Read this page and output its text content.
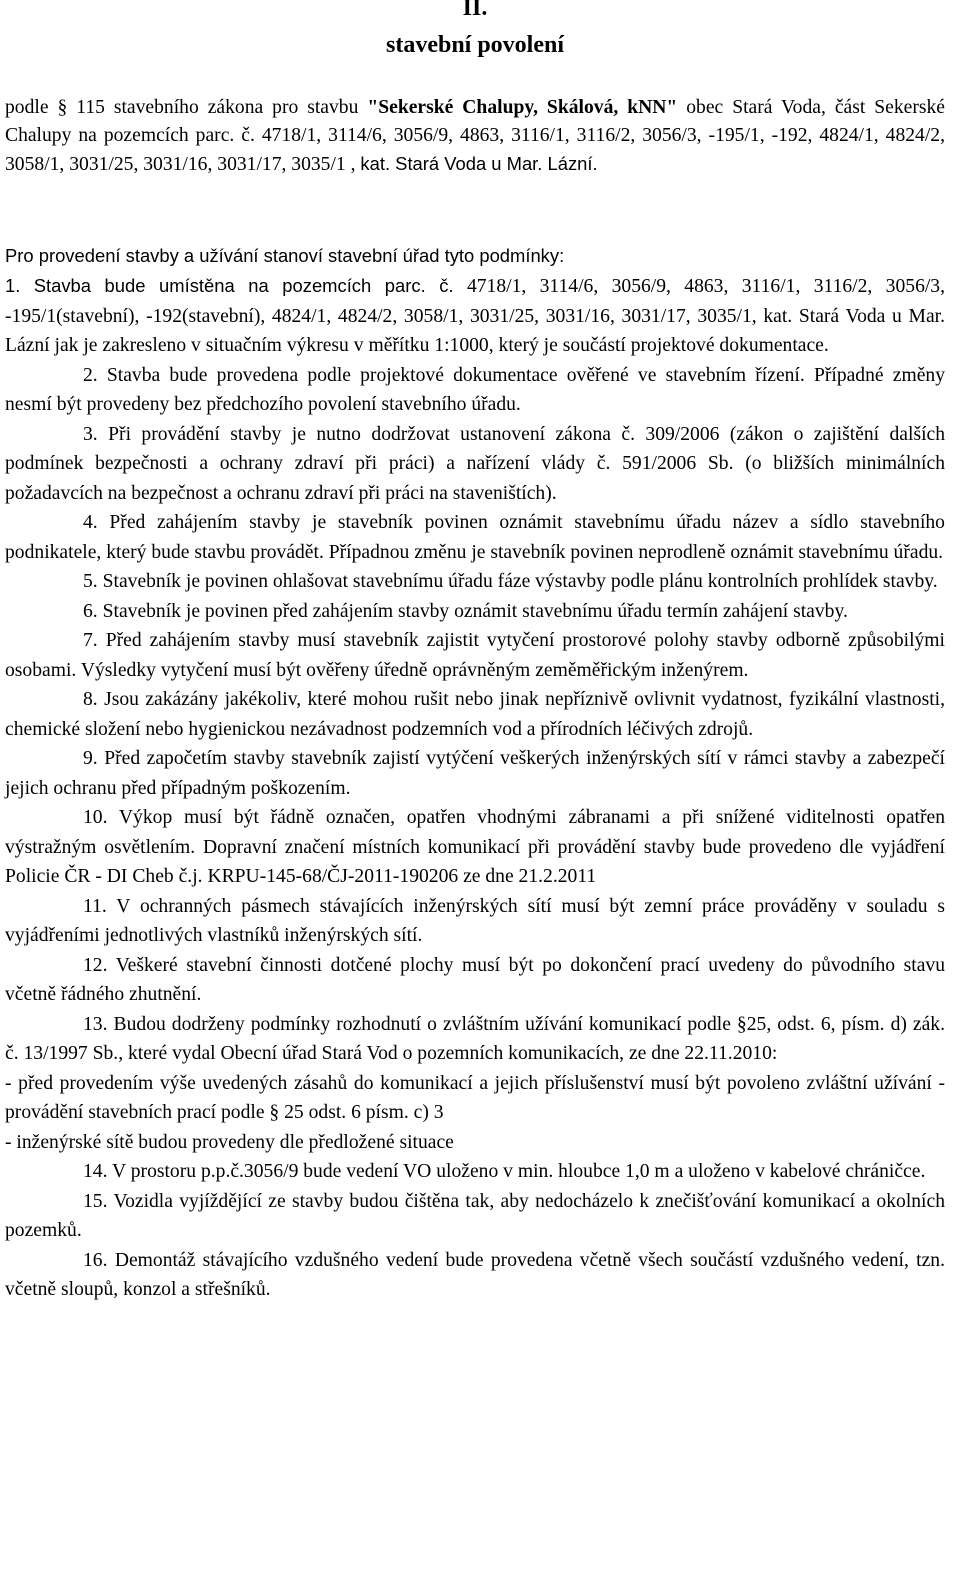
II.
stavební povolení

podle § 115 stavebního zákona pro stavbu "Sekerské Chalupy, Skálová, kNN" obec Stará Voda, část Sekerské Chalupy na pozemcích parc. č. 4718/1, 3114/6, 3056/9, 4863, 3116/1, 3116/2, 3056/3, -195/1, -192, 4824/1, 4824/2, 3058/1, 3031/25, 3031/16, 3031/17, 3035/1 , kat. Stará Voda u Mar. Lázní.

Pro provedení stavby a užívání stanoví stavební úřad tyto podmínky:

1. Stavba bude umístěna na pozemcích parc. č. 4718/1, 3114/6, 3056/9, 4863, 3116/1, 3116/2, 3056/3, -195/1(stavební), -192(stavební), 4824/1, 4824/2, 3058/1, 3031/25, 3031/16, 3031/17, 3035/1, kat. Stará Voda u Mar. Lázní jak je zakresleno v situačním výkresu v měřítku 1:1000, který je součástí projektové dokumentace.

2. Stavba bude provedena podle projektové dokumentace ověřené ve stavebním řízení. Případné změny nesmí být provedeny bez předchozího povolení stavebního úřadu.

3. Při provádění stavby je nutno dodržovat ustanovení zákona č. 309/2006 (zákon o zajištění dalších podmínek bezpečnosti a ochrany zdraví při práci) a nařízení vlády č. 591/2006 Sb. (o bližších minimálních požadavcích na bezpečnost a ochranu zdraví při práci na staveništích).

4. Před zahájením stavby je stavebník povinen oznámit stavebnímu úřadu název a sídlo stavebního podnikatele, který bude stavbu provádět. Případnou změnu je stavebník povinen neprodleně oznámit stavebnímu úřadu.

5. Stavebník je povinen ohlašovat stavebnímu úřadu fáze výstavby podle plánu kontrolních prohlídek stavby.

6. Stavebník je povinen před zahájením stavby oznámit stavebnímu úřadu termín zahájení stavby.

7. Před zahájením stavby musí stavebník zajistit vytyčení prostorové polohy stavby odborně způsobilými osobami. Výsledky vytyčení musí být ověřeny úředně oprávněným zeměměřickým inženýrem.

8. Jsou zakázány jakékoliv, které mohou rušit nebo jinak nepříznivě ovlivnit vydatnost, fyzikální vlastnosti, chemické složení nebo hygienickou nezávadnost podzemních vod a přírodních léčivých zdrojů.

9. Před započetím stavby stavebník zajistí vytýčení veškerých inženýrských sítí v rámci stavby a zabezpečí jejich ochranu před případným poškozením.

10. Výkop musí být řádně označen, opatřen vhodnými zábranami a při snížené viditelnosti opatřen výstražným osvětlením. Dopravní značení místních komunikací při provádění stavby bude provedeno dle vyjádření Policie ČR - DI Cheb č.j. KRPU-145-68/ČJ-2011-190206 ze dne 21.2.2011

11. V ochranných pásmech stávajících inženýrských sítí musí být zemní práce prováděny v souladu s vyjádřeními jednotlivých vlastníků inženýrských sítí.

12. Veškeré stavební činnosti dotčené plochy musí být po dokončení prací uvedeny do původního stavu včetně řádného zhutnění.

13. Budou dodrženy podmínky rozhodnutí o zvláštním užívání komunikací podle §25, odst. 6, písm. d) zák. č. 13/1997 Sb., které vydal Obecní úřad Stará Vod o pozemních komunikacích, ze dne 22.11.2010:

- před provedením výše uvedených zásahů do komunikací a jejich příslušenství musí být povoleno zvláštní užívání - provádění stavebních prací podle § 25 odst. 6 písm. c) 3

- inženýrské sítě budou provedeny dle předložené situace

14. V prostoru p.p.č.3056/9 bude vedení VO uloženo v min. hloubce 1,0 m a uloženo v kabelové chráničce.

15. Vozidla vyjíždějící ze stavby budou čištěna tak, aby nedocházelo k znečišťování komunikací a okolních pozemků.

16. Demontáž stávajícího vzdušného vedení bude provedena včetně všech součástí vzdušného vedení, tzn. včetně sloupů, konzol a střešníků.
